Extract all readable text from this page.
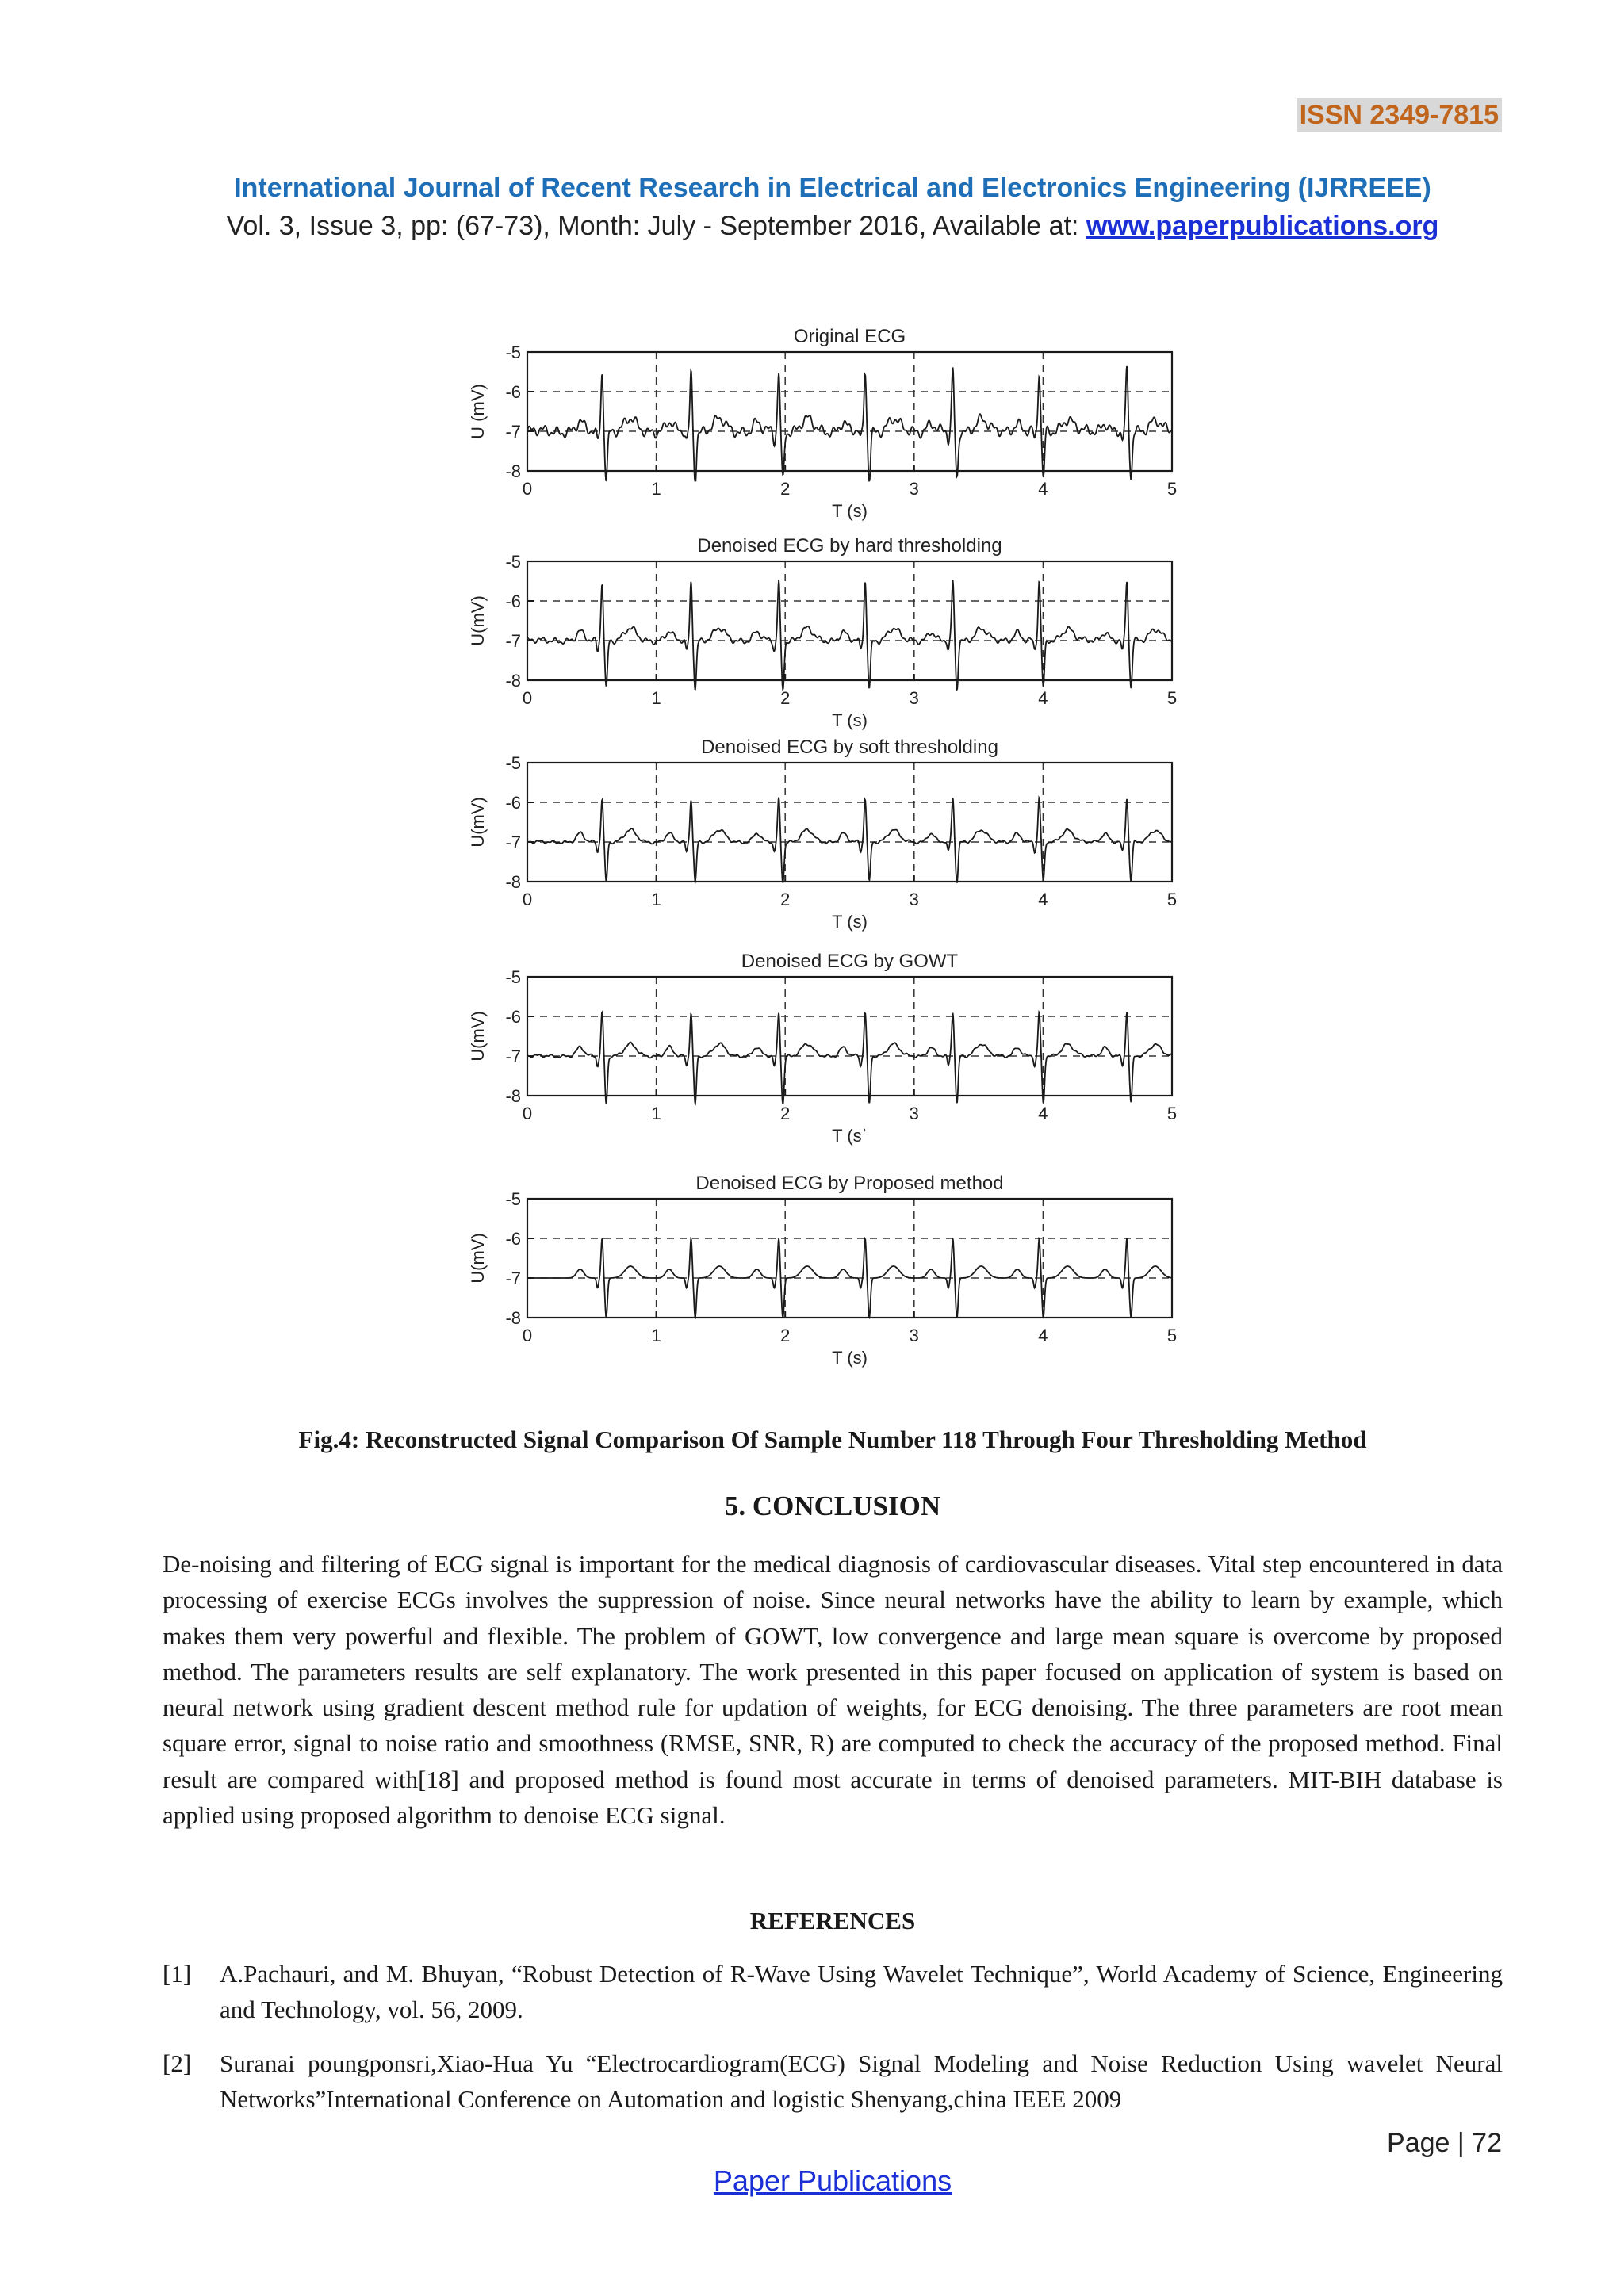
ISSN 2349-7815
International Journal of Recent Research in Electrical and Electronics Engineering (IJRREEE)
Vol. 3, Issue 3, pp: (67-73), Month: July - September 2016, Available at: www.paperpublications.org
Original ECG
-5
-6
-7
-8
0	1	2	3	4	5
T (s)
U (mV)
Denoised ECG by hard thresholding
-5
-6
-7
-8
0	1	2	3	4	5
T (s)
U(mV)
Denoised ECG by soft thresholding
-5
-6
-7
-8
0	1	2	3	4	5
T (s)
U(mV)
Denoised ECG by GOWT
-5
-6
-7
-8
0	1	2	3	4	5
T (sʾ
U(mV)
Denoised ECG by Proposed method
-5
-6
-7
-8
0	1	2	3	4	5
T (s)
U(mV)
Fig.4: Reconstructed Signal Comparison Of Sample Number 118 Through Four Thresholding Method
5. CONCLUSION
De-noising and filtering of ECG signal is important for the medical diagnosis of cardiovascular diseases. Vital step encountered in data processing of exercise ECGs involves the suppression of noise. Since neural networks have the ability to learn by example, which makes them very powerful and flexible. The problem of GOWT, low convergence and large mean square is overcome by proposed method. The parameters results are self explanatory. The work presented in this paper focused on application of system is based on neural network using gradient descent method rule for updation of weights, for ECG denoising. The three parameters are root mean square error, signal to noise ratio and smoothness (RMSE, SNR, R) are computed to check the accuracy of the proposed method. Final result are compared with[18] and proposed method is found most accurate in terms of denoised parameters. MIT-BIH database is applied using proposed algorithm to denoise ECG signal.
REFERENCES
[1] A.Pachauri, and M. Bhuyan, “Robust Detection of R-Wave Using Wavelet Technique”, World Academy of Science, Engineering and Technology, vol. 56, 2009.
[2] Suranai poungponsri,Xiao-Hua Yu “Electrocardiogram(ECG) Signal Modeling and Noise Reduction Using wavelet Neural Networks”International Conference on Automation and logistic Shenyang,china IEEE 2009
Page | 72
Paper Publications
